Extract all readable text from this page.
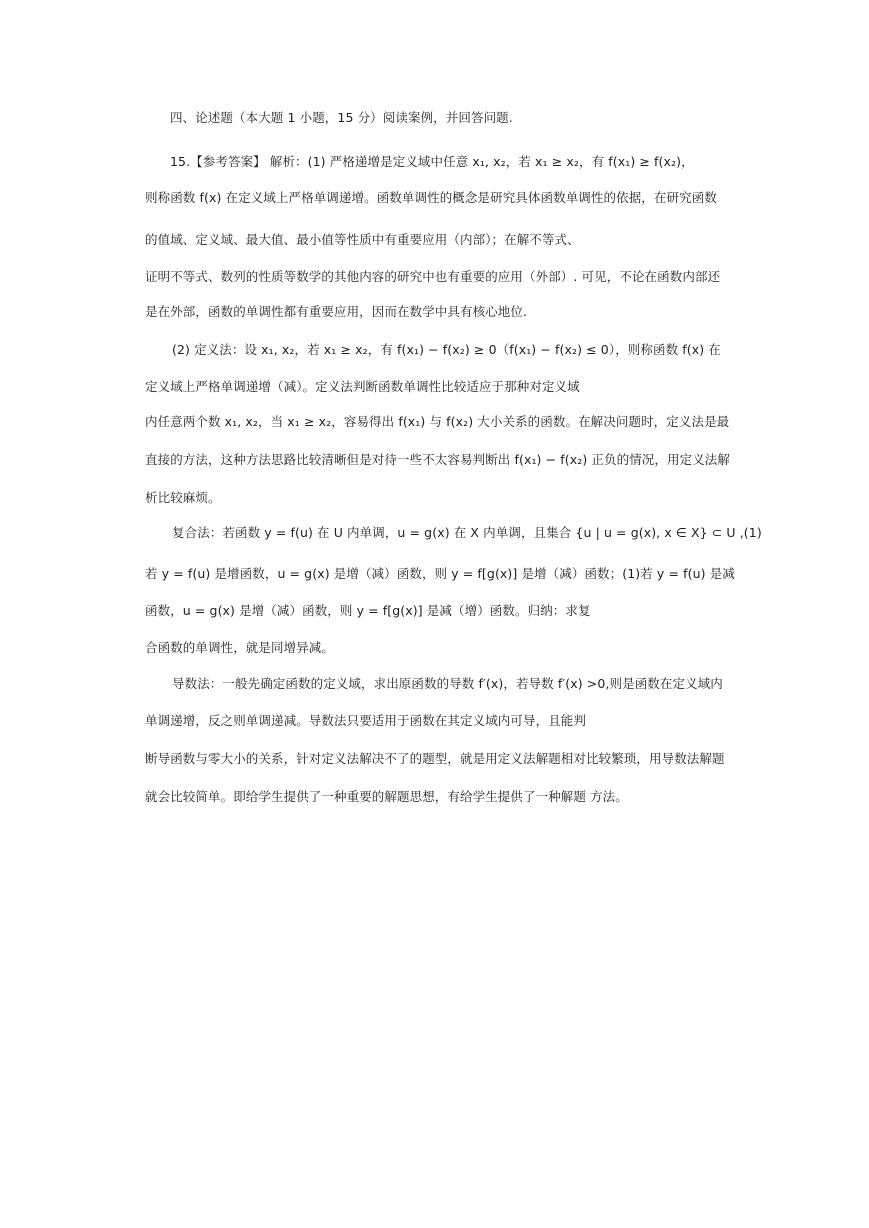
四、论述题（本大题 1 小题，15 分）阅读案例，并回答问题.
15.【参考答案】 解析：(1) 严格递增是定义域中任意 x₁, x₂，若 x₁ ≥ x₂，有 f(x₁) ≥ f(x₂)，
则称函数 f(x) 在定义域上严格单调递增。函数单调性的概念是研究具体函数单调性的依据，在研究函数
的值域、定义域、最大值、最小值等性质中有重要应用（内部）；在解不等式、
证明不等式、数列的性质等数学的其他内容的研究中也有重要的应用（外部）. 可见，不论在函数内部还
是在外部，函数的单调性都有重要应用，因而在数学中具有核心地位.
(2) 定义法：设 x₁, x₂，若 x₁ ≥ x₂，有 f(x₁) − f(x₂) ≥ 0（f(x₁) − f(x₂) ≤ 0），则称函数 f(x) 在
定义域上严格单调递增（减）。定义法判断函数单调性比较适应于那种对定义域
内任意两个数 x₁, x₂，当 x₁ ≥ x₂，容易得出 f(x₁) 与 f(x₂) 大小关系的函数。在解决问题时，定义法是最
直接的方法，这种方法思路比较清晰但是对待一些不太容易判断出 f(x₁) − f(x₂) 正负的情况，用定义法解
析比较麻烦。
复合法：若函数 y = f(u) 在 U 内单调，u = g(x) 在 X 内单调，且集合 {u | u = g(x), x ∈ X} ⊂ U ,(1)
若 y = f(u) 是增函数，u = g(x) 是增（减）函数，则 y = f[g(x)] 是增（减）函数；(1)若 y = f(u) 是减
函数，u = g(x) 是增（减）函数，则 y = f[g(x)] 是减（增）函数。归纳：求复
合函数的单调性，就是同增异减。
导数法：一般先确定函数的定义域，求出原函数的导数 f′(x)，若导数 f′(x) >0,则是函数在定义域内
单调递增，反之则单调递减。导数法只要适用于函数在其定义域内可导，且能判
断导函数与零大小的关系，针对定义法解决不了的题型，就是用定义法解题相对比较繁琐，用导数法解题
就会比较简单。即给学生提供了一种重要的解题思想，有给学生提供了一种解题 方法。
